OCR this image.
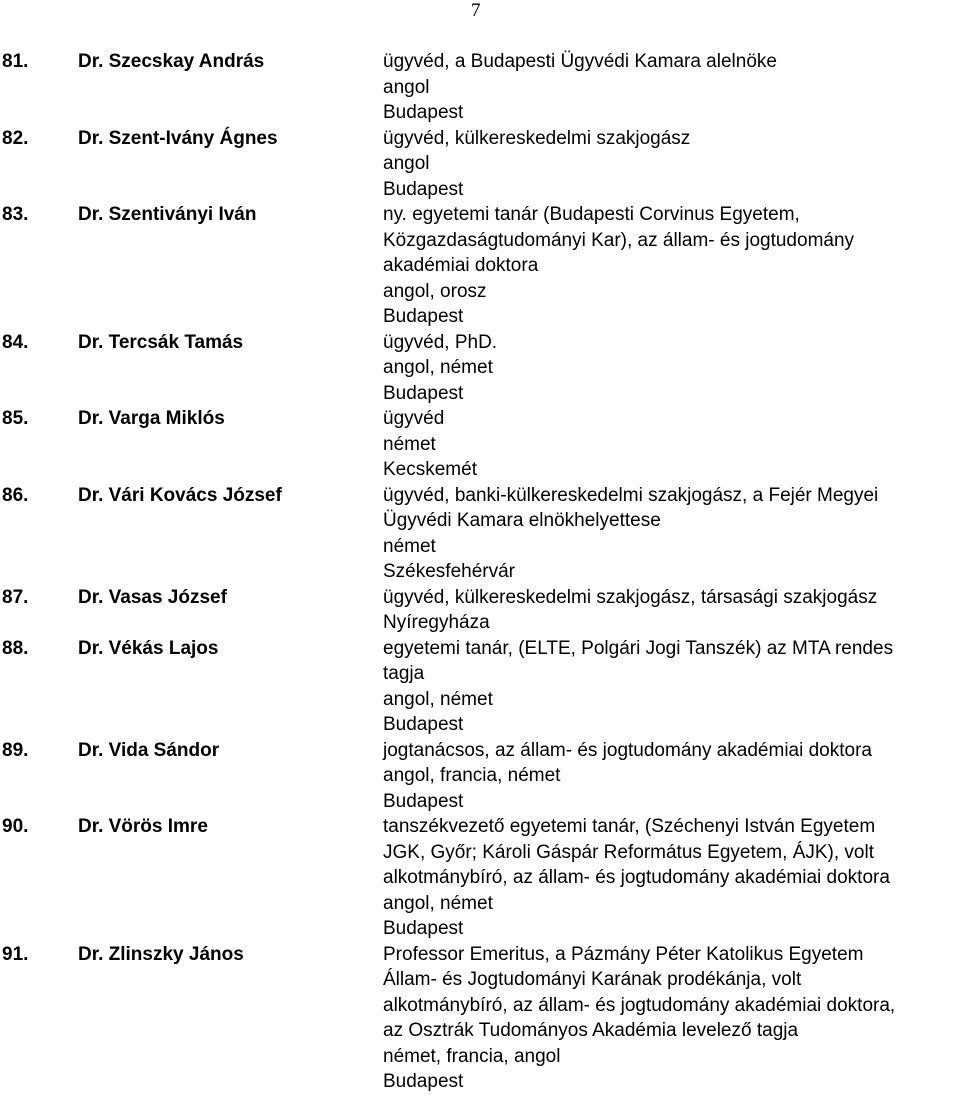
7
81.	Dr. Szecskay András	ügyvéd, a Budapesti Ügyvédi Kamara alelnöke
angol
Budapest
82.	Dr. Szent-Ivány Ágnes	ügyvéd, külkereskedelmi szakjogász
angol
Budapest
83.	Dr. Szentiványi Iván	ny. egyetemi tanár (Budapesti Corvinus Egyetem,
Közgazdaságtudományi Kar), az állam- és jogtudomány
akadémiai doktora
angol, orosz
Budapest
84.	Dr. Tercsák Tamás	ügyvéd, PhD.
angol, német
Budapest
85.	Dr. Varga Miklós	ügyvéd
német
Kecskemét
86.	Dr. Vári Kovács József	ügyvéd, banki-külkereskedelmi szakjogász, a Fejér Megyei
Ügyvédi Kamara elnökhelyettese
német
Székesfehérvár
87.	Dr. Vasas József	ügyvéd, külkereskedelmi szakjogász, társasági szakjogász
Nyíregyháza
88.	Dr. Vékás Lajos	egyetemi tanár, (ELTE, Polgári Jogi Tanszék) az MTA rendes
tagja
angol, német
Budapest
89.	Dr. Vida Sándor	jogtanácsos, az állam- és jogtudomány akadémiai doktora
angol, francia, német
Budapest
90.	Dr. Vörös Imre	tanszékvezető egyetemi tanár, (Széchenyi István Egyetem
JGK, Győr; Károli Gáspár Református Egyetem, ÁJK), volt
alkotmánybíró, az állam- és jogtudomány akadémiai doktora
angol, német
Budapest
91.	Dr. Zlinszky János	Professor Emeritus, a Pázmány Péter Katolikus Egyetem
Állam- és Jogtudományi Karának prodékánja, volt
alkotmánybíró, az állam- és jogtudomány akadémiai doktora,
az Osztrák Tudományos Akadémia levelező tagja
német, francia, angol
Budapest
